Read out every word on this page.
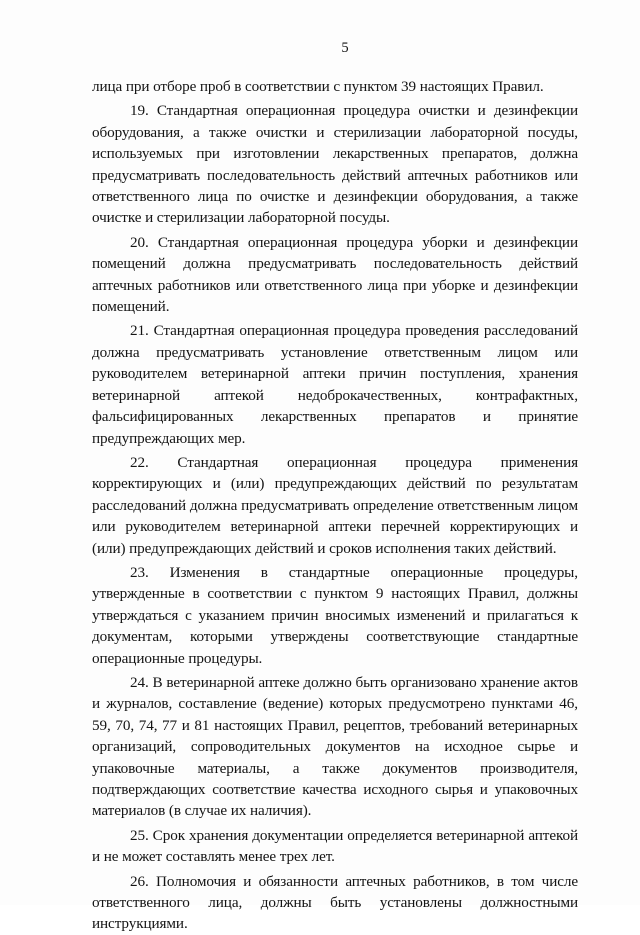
5

лица при отборе проб в соответствии с пунктом 39 настоящих Правил.

19. Стандартная операционная процедура очистки и дезинфекции оборудования, а также очистки и стерилизации лабораторной посуды, используемых при изготовлении лекарственных препаратов, должна предусматривать последовательность действий аптечных работников или ответственного лица по очистке и дезинфекции оборудования, а также очистке и стерилизации лабораторной посуды.

20. Стандартная операционная процедура уборки и дезинфекции помещений должна предусматривать последовательность действий аптечных работников или ответственного лица при уборке и дезинфекции помещений.

21. Стандартная операционная процедура проведения расследований должна предусматривать установление ответственным лицом или руководителем ветеринарной аптеки причин поступления, хранения ветеринарной аптекой недоброкачественных, контрафактных, фальсифицированных лекарственных препаратов и принятие предупреждающих мер.

22. Стандартная операционная процедура применения корректирующих и (или) предупреждающих действий по результатам расследований должна предусматривать определение ответственным лицом или руководителем ветеринарной аптеки перечней корректирующих и (или) предупреждающих действий и сроков исполнения таких действий.

23. Изменения в стандартные операционные процедуры, утвержденные в соответствии с пунктом 9 настоящих Правил, должны утверждаться с указанием причин вносимых изменений и прилагаться к документам, которыми утверждены соответствующие стандартные операционные процедуры.

24. В ветеринарной аптеке должно быть организовано хранение актов и журналов, составление (ведение) которых предусмотрено пунктами 46, 59, 70, 74, 77 и 81 настоящих Правил, рецептов, требований ветеринарных организаций, сопроводительных документов на исходное сырье и упаковочные материалы, а также документов производителя, подтверждающих соответствие качества исходного сырья и упаковочных материалов (в случае их наличия).

25. Срок хранения документации определяется ветеринарной аптекой и не может составлять менее трех лет.

26. Полномочия и обязанности аптечных работников, в том числе ответственного лица, должны быть установлены должностными инструкциями.
